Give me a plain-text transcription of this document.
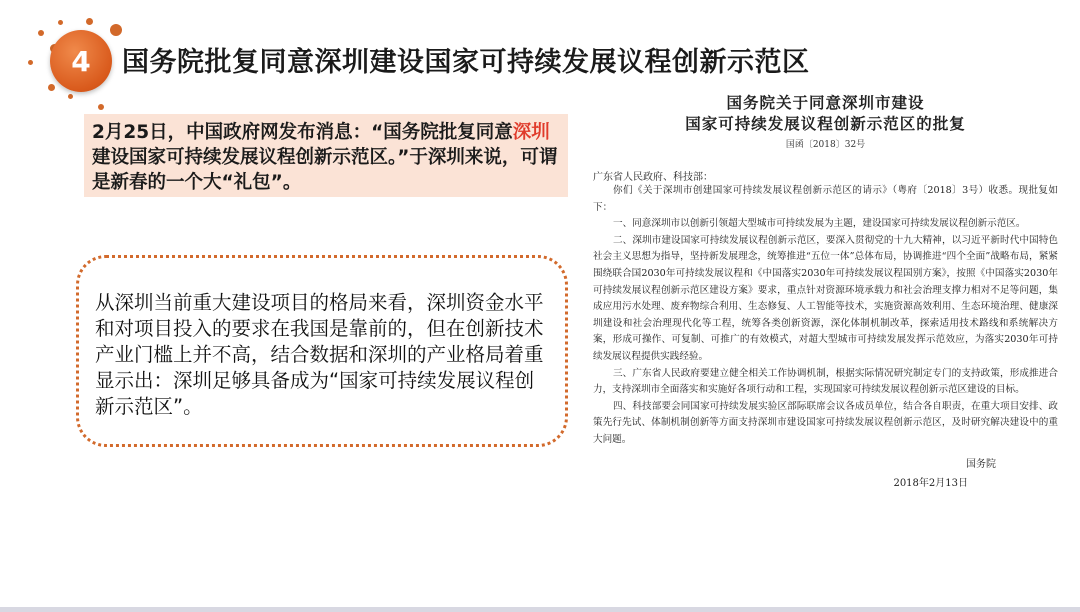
4 国务院批复同意深圳建设国家可持续发展议程创新示范区
2月25日，中国政府网发布消息：“国务院批复同意深圳建设国家可持续发展议程创新示范区。”于深圳来说，可谓是新春的一个大“礼包”。
从深圳当前重大建设项目的格局来看，深圳资金水平和对项目投入的要求在我国是靠前的，但在创新技术产业门槛上并不高，结合数据和深圳的产业格局着重显示出：深圳足够具备成为“国家可持续发展议程创新示范区”。
国务院关于同意深圳市建设
国家可持续发展议程创新示范区的批复
国函〔2018〕32号
广东省人民政府、科技部：

你们《关于深圳市创建国家可持续发展议程创新示范区的请示》（粤府〔2018〕3号）收悉。现批复如下：

一、同意深圳市以创新引领超大型城市可持续发展为主题，建设国家可持续发展议程创新示范区。

二、深圳市建设国家可持续发展议程创新示范区，要深入贯彻党的十九大精神，以习近平新时代中国特色社会主义思想为指导，坚持新发展理念，统筹推进“五位一体”总体布局，协调推进“四个全面”战略布局，紧紧围绕联合国2030年可持续发展议程和《中国落实2030年可持续发展议程国别方案》，按照《中国落实2030年可持续发展议程创新示范区建设方案》要求，重点针对资源环境承载力和社会治理支撑力相对不足等问题，集成应用污水处理、废弃物综合利用、生态修复、人工智能等技术，实施资源高效利用、生态环境治理、健康深圳建设和社会治理现代化等工程，统筹各类创新资源，深化体制机制改革，探索适用技术路线和系统解决方案，形成可操作、可复制、可推广的有效模式，对超大型城市可持续发展发挥示范效应，为落实2030年可持续发展议程提供实践经验。

三、广东省人民政府要建立健全相关工作协调机制，根据实际情况研究制定专门的支持政策，形成推进合力，支持深圳市全面落实和实施好各项行动和工程，实现国家可持续发展议程创新示范区建设的目标。

四、科技部要会同国家可持续发展实验区部际联席会议各成员单位，结合各自职责，在重大项目安排、政策先行先试、体制机制创新等方面支持深圳市建设国家可持续发展议程创新示范区，及时研究解决建设中的重大问题。

国务院
2018年2月13日
